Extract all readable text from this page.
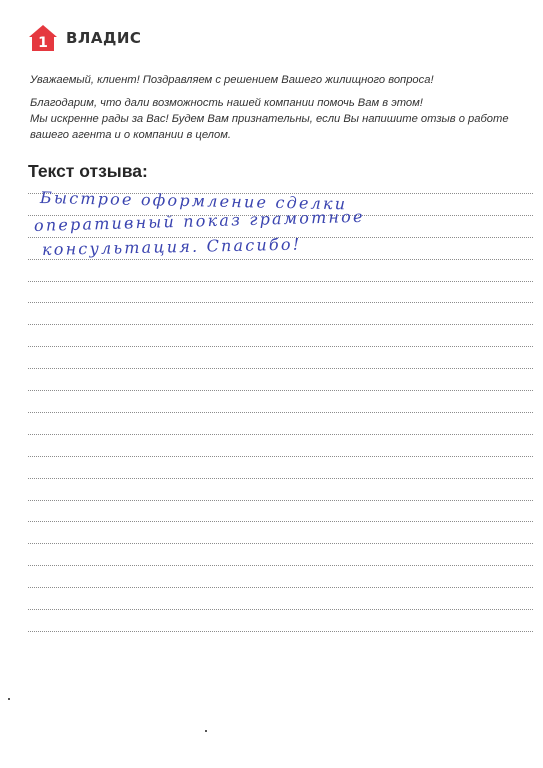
1 ВЛАДИС
Уважаемый, клиент! Поздравляем с решением Вашего жилищного вопроса!
Благодарим, что дали возможность нашей компании помочь Вам в этом!
Мы искренне рады за Вас! Будем Вам признательны, если Вы напишите отзыв о работе
вашего агента и о компании в целом.
Текст отзыва:
Быстрое оформление сделки
оперативный показ грамотное
консультация. Спасибо!
